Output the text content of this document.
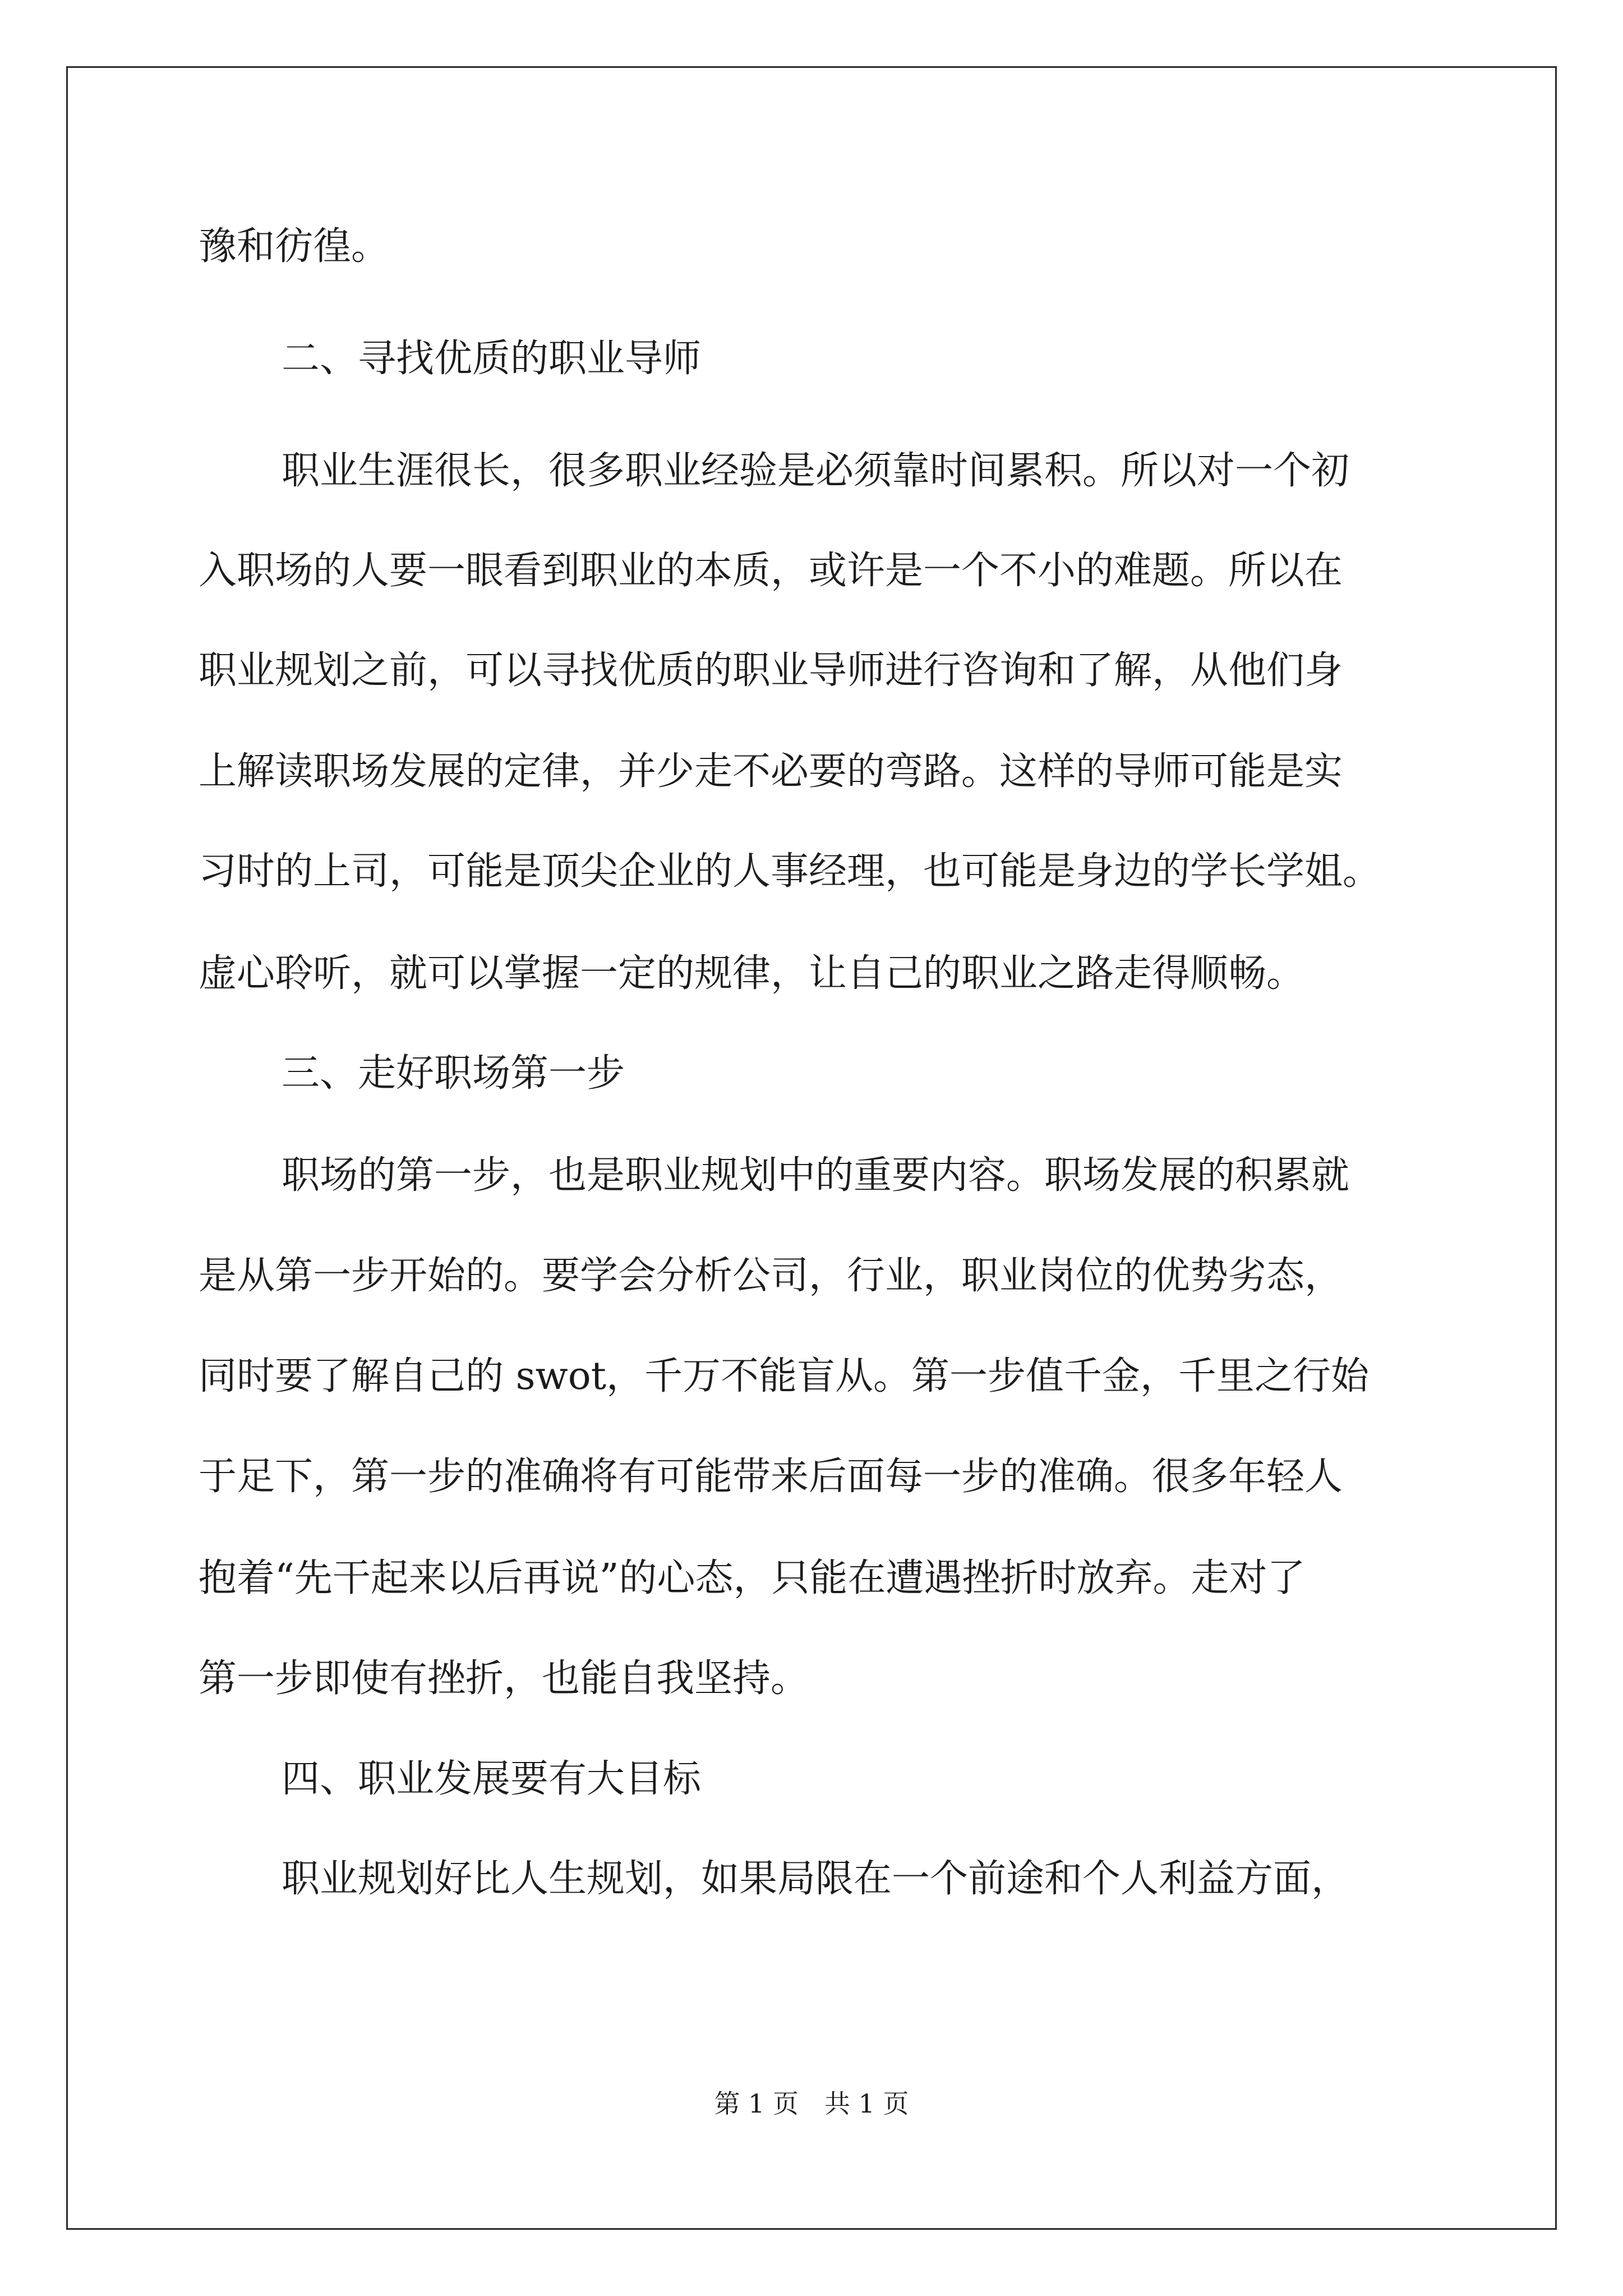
豫和彷徨。

二、寻找优质的职业导师

职业生涯很长，很多职业经验是必须靠时间累积。所以对一个初

入职场的人要一眼看到职业的本质，或许是一个不小的难题。所以在

职业规划之前，可以寻找优质的职业导师进行咨询和了解，从他们身

上解读职场发展的定律，并少走不必要的弯路。这样的导师可能是实

习时的上司，可能是顶尖企业的人事经理，也可能是身边的学长学姐。

虚心聆听，就可以掌握一定的规律，让自己的职业之路走得顺畅。

三、走好职场第一步

职场的第一步，也是职业规划中的重要内容。职场发展的积累就

是从第一步开始的。要学会分析公司，行业，职业岗位的优势劣态，

同时要了解自己的 swot，千万不能盲从。第一步值千金，千里之行始

于足下，第一步的准确将有可能带来后面每一步的准确。很多年轻人

抱着“先干起来以后再说”的心态，只能在遭遇挫折时放弃。走对了

第一步即使有挫折，也能自我坚持。

四、职业发展要有大目标

职业规划好比人生规划，如果局限在一个前途和个人利益方面，

第 1 页　共 1 页
